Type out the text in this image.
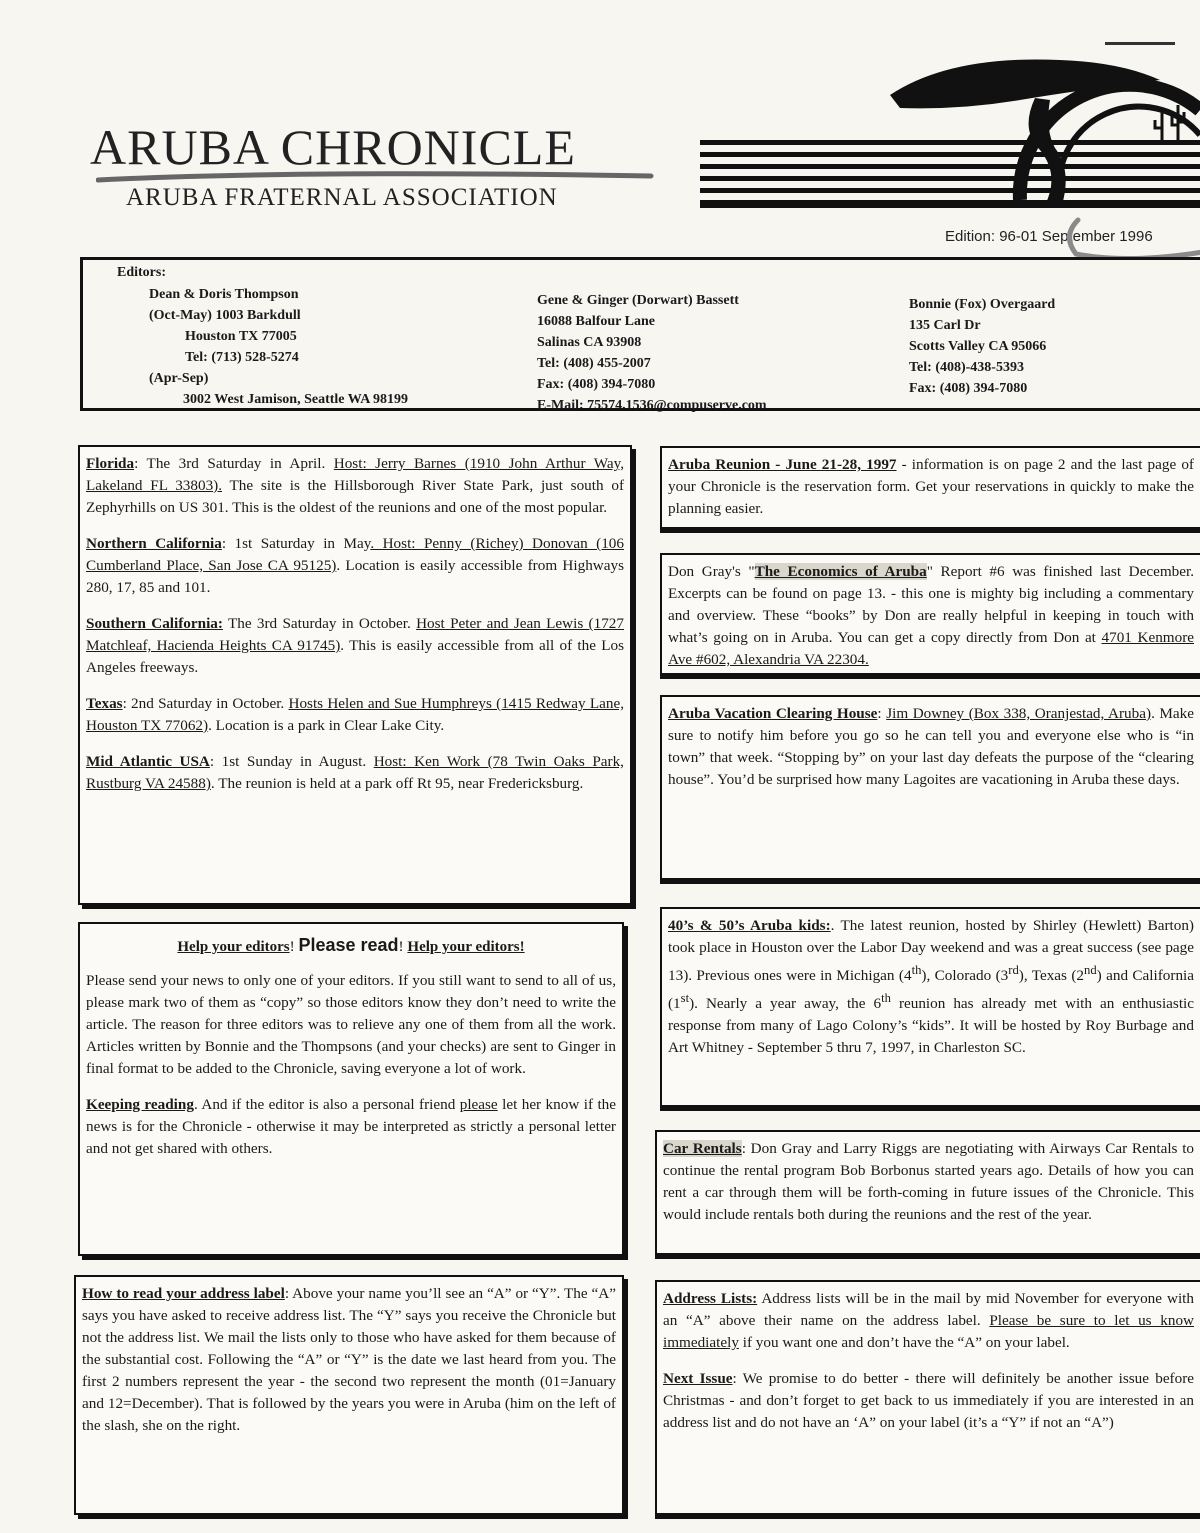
ARUBA CHRONICLE
ARUBA FRATERNAL ASSOCIATION
Edition: 96-01 September 1996
Editors:
Dean & Doris Thompson
(Oct-May) 1003 Barkdull
Houston TX 77005
Tel: (713) 528-5274
(Apr-Sep)
3002 West Jamison, Seattle WA 98199
Gene & Ginger (Dorwart) Bassett
16088 Balfour Lane
Salinas CA 93908
Tel: (408) 455-2007
Fax: (408) 394-7080
E-Mail: 75574.1536@compuserve.com
Bonnie (Fox) Overgaard
135 Carl Dr
Scotts Valley CA 95066
Tel: (408)-438-5393
Fax: (408) 394-7080

Florida: The 3rd Saturday in April. Host: Jerry Barnes (1910 John Arthur Way, Lakeland FL 33803). The site is the Hillsborough River State Park, just south of Zephyrhills on US 301. This is the oldest of the reunions and one of the most popular.

Northern California: 1st Saturday in May. Host: Penny (Richey) Donovan (106 Cumberland Place, San Jose CA 95125). Location is easily accessible from Highways 280, 17, 85 and 101.

Southern California: The 3rd Saturday in October. Host Peter and Jean Lewis (1727 Matchleaf, Hacienda Heights CA 91745). This is easily accessible from all of the Los Angeles freeways.

Texas: 2nd Saturday in October. Hosts Helen and Sue Humphreys (1415 Redway Lane, Houston TX 77062). Location is a park in Clear Lake City.

Mid Atlantic USA: 1st Sunday in August. Host: Ken Work (78 Twin Oaks Park, Rustburg VA 24588). The reunion is held at a park off Rt 95, near Fredericksburg.

Help your editors! Please read! Help your editors!

Please send your news to only one of your editors. If you still want to send to all of us, please mark two of them as “copy” so those editors know they don’t need to write the article. The reason for three editors was to relieve any one of them from all the work. Articles written by Bonnie and the Thompsons (and your checks) are sent to Ginger in final format to be added to the Chronicle, saving everyone a lot of work.

Keeping reading. And if the editor is also a personal friend please let her know if the news is for the Chronicle - otherwise it may be interpreted as strictly a personal letter and not get shared with others.

How to read your address label: Above your name you’ll see an “A” or “Y”. The “A” says you have asked to receive address list. The “Y” says you receive the Chronicle but not the address list. We mail the lists only to those who have asked for them because of the substantial cost. Following the “A” or “Y” is the date we last heard from you. The first 2 numbers represent the year - the second two represent the month (01=January and 12=December). That is followed by the years you were in Aruba (him on the left of the slash, she on the right.

Aruba Reunion - June 21-28, 1997 - information is on page 2 and the last page of your Chronicle is the reservation form. Get your reservations in quickly to make the planning easier.

Don Gray's "The Economics of Aruba" Report #6 was finished last December. Excerpts can be found on page 13. - this one is mighty big including a commentary and overview. These “books” by Don are really helpful in keeping in touch with what’s going on in Aruba. You can get a copy directly from Don at 4701 Kenmore Ave #602, Alexandria VA 22304.

Aruba Vacation Clearing House: Jim Downey (Box 338, Oranjestad, Aruba). Make sure to notify him before you go so he can tell you and everyone else who is “in town” that week. “Stopping by” on your last day defeats the purpose of the “clearing house”. You’d be surprised how many Lagoites are vacationing in Aruba these days.

40’s & 50’s Aruba kids:. The latest reunion, hosted by Shirley (Hewlett) Barton) took place in Houston over the Labor Day weekend and was a great success (see page 13). Previous ones were in Michigan (4th), Colorado (3rd), Texas (2nd) and California (1st). Nearly a year away, the 6th reunion has already met with an enthusiastic response from many of Lago Colony’s “kids”. It will be hosted by Roy Burbage and Art Whitney - September 5 thru 7, 1997, in Charleston SC.

Car Rentals: Don Gray and Larry Riggs are negotiating with Airways Car Rentals to continue the rental program Bob Borbonus started years ago. Details of how you can rent a car through them will be forth-coming in future issues of the Chronicle. This would include rentals both during the reunions and the rest of the year.

Address Lists: Address lists will be in the mail by mid November for everyone with an “A” above their name on the address label. Please be sure to let us know immediately if you want one and don’t have the “A” on your label.

Next Issue: We promise to do better - there will definitely be another issue before Christmas - and don’t forget to get back to us immediately if you are interested in an address list and do not have an ‘A” on your label (it’s a “Y” if not an “A”)
